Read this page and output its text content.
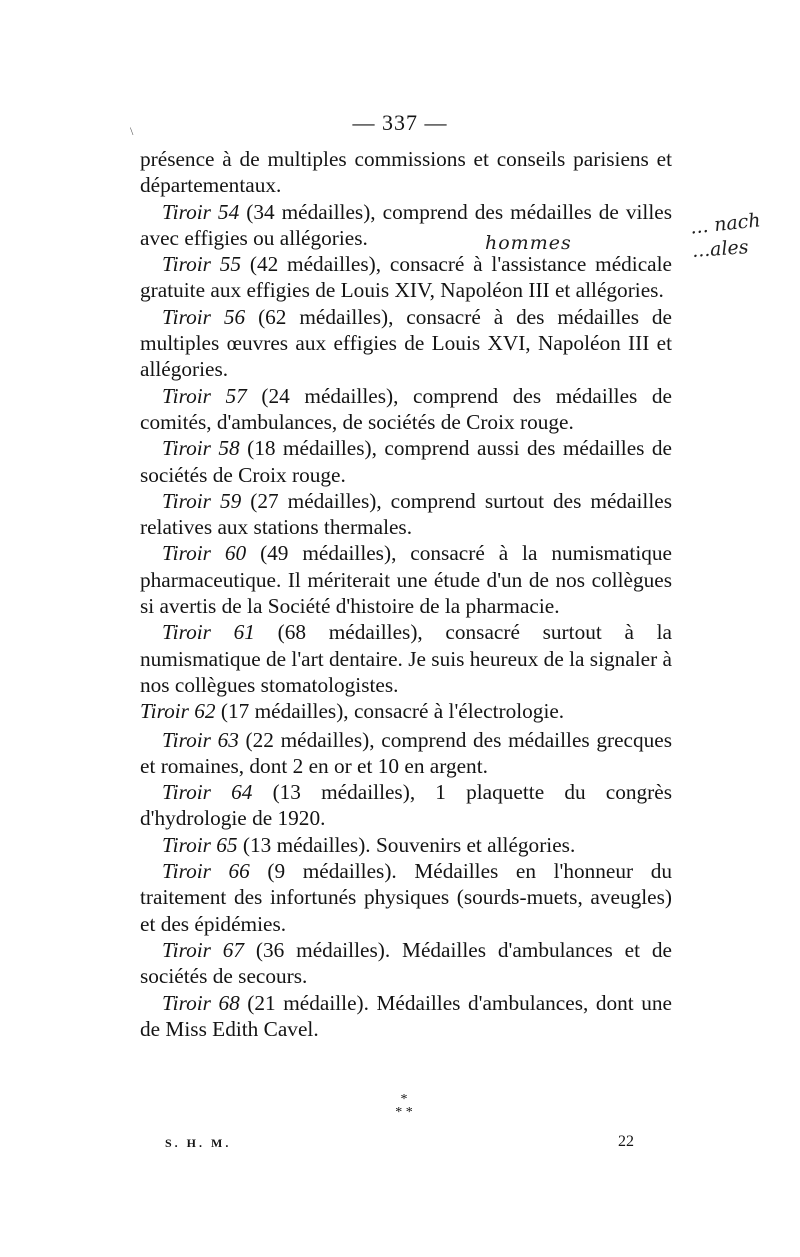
— 337 —
\

présence à de multiples commissions et conseils parisiens et départementaux.

Tiroir 54 (34 médailles), comprend des médailles de villes avec effigies ou allégories.

Tiroir 55 (42 médailles), consacré à l'assistance médicale gratuite aux effigies de Louis XIV, Napoléon III et allégories.

Tiroir 56 (62 médailles), consacré à des médailles de multiples œuvres aux effigies de Louis XVI, Napoléon III et allégories.

Tiroir 57 (24 médailles), comprend des médailles de comités, d'ambulances, de sociétés de Croix rouge.

Tiroir 58 (18 médailles), comprend aussi des médailles de sociétés de Croix rouge.

Tiroir 59 (27 médailles), comprend surtout des médailles relatives aux stations thermales.

Tiroir 60 (49 médailles), consacré à la numismatique pharmaceutique. Il mériterait une étude d'un de nos collègues si avertis de la Société d'histoire de la pharmacie.

Tiroir 61 (68 médailles), consacré surtout à la numismatique de l'art dentaire. Je suis heureux de la signaler à nos collègues stomatologistes.

Tiroir 62 (17 médailles), consacré à l'électrologie.

Tiroir 63 (22 médailles), comprend des médailles grecques et romaines, dont 2 en or et 10 en argent.

Tiroir 64 (13 médailles), 1 plaquette du congrès d'hydrologie de 1920.

Tiroir 65 (13 médailles). Souvenirs et allégories.

Tiroir 66 (9 médailles). Médailles en l'honneur du traitement des infortunés physiques (sourds-muets, aveugles) et des épidémies.

Tiroir 67 (36 médailles). Médailles d'ambulances et de sociétés de secours.

Tiroir 68 (21 médaille). Médailles d'ambulances, dont une de Miss Edith Cavel.

hommes
... nach
...ales
*
* *
S. H. M.	22
